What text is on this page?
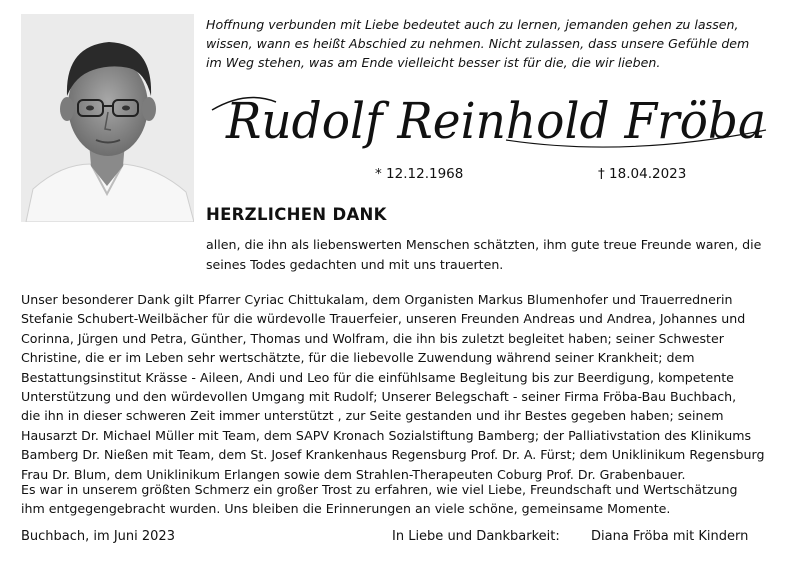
Hoffnung verbunden mit Liebe bedeutet auch zu lernen, jemanden gehen zu lassen,
wissen, wann es heißt Abschied zu nehmen. Nicht zulassen, dass unsere Gefühle dem
im Weg stehen, was am Ende vielleicht besser ist für die, die wir lieben.
Rudolf Reinhold Fröba
* 12.12.1968	† 18.04.2023
HERZLICHEN DANK
allen, die ihn als liebenswerten Menschen schätzten, ihm gute treue Freunde waren, die
seines Todes gedachten und mit uns trauerten.
Unser besonderer Dank gilt Pfarrer Cyriac Chittukalam, dem Organisten Markus Blumenhofer und Trauerrednerin
Stefanie Schubert-Weilbächer für die würdevolle Trauerfeier, unseren Freunden Andreas und Andrea, Johannes und
Corinna, Jürgen und Petra, Günther, Thomas und Wolfram, die ihn bis zuletzt begleitet haben; seiner Schwester
Christine, die er im Leben sehr wertschätzte, für die liebevolle Zuwendung während seiner Krankheit; dem
Bestattungsinstitut Krässe - Aileen, Andi und Leo für die einfühlsame Begleitung bis zur Beerdigung, kompetente
Unterstützung und den würdevollen Umgang mit Rudolf; Unserer Belegschaft - seiner Firma Fröba-Bau Buchbach,
die ihn in dieser schweren Zeit immer unterstützt , zur Seite gestanden und ihr Bestes gegeben haben; seinem
Hausarzt Dr. Michael Müller mit Team, dem SAPV Kronach Sozialstiftung Bamberg; der Palliativstation des Klinikums
Bamberg Dr. Nießen mit Team, dem St. Josef Krankenhaus Regensburg Prof. Dr. A. Fürst; dem Uniklinikum Regensburg
Frau Dr. Blum, dem Uniklinikum Erlangen sowie dem Strahlen-Therapeuten Coburg Prof. Dr. Grabenbauer.
Es war in unserem größten Schmerz ein großer Trost zu erfahren, wie viel Liebe, Freundschaft und Wertschätzung
ihm entgegengebracht wurden. Uns bleiben die Erinnerungen an viele schöne, gemeinsame Momente.
Buchbach, im Juni 2023	In Liebe und Dankbarkeit: Diana Fröba mit Kindern
